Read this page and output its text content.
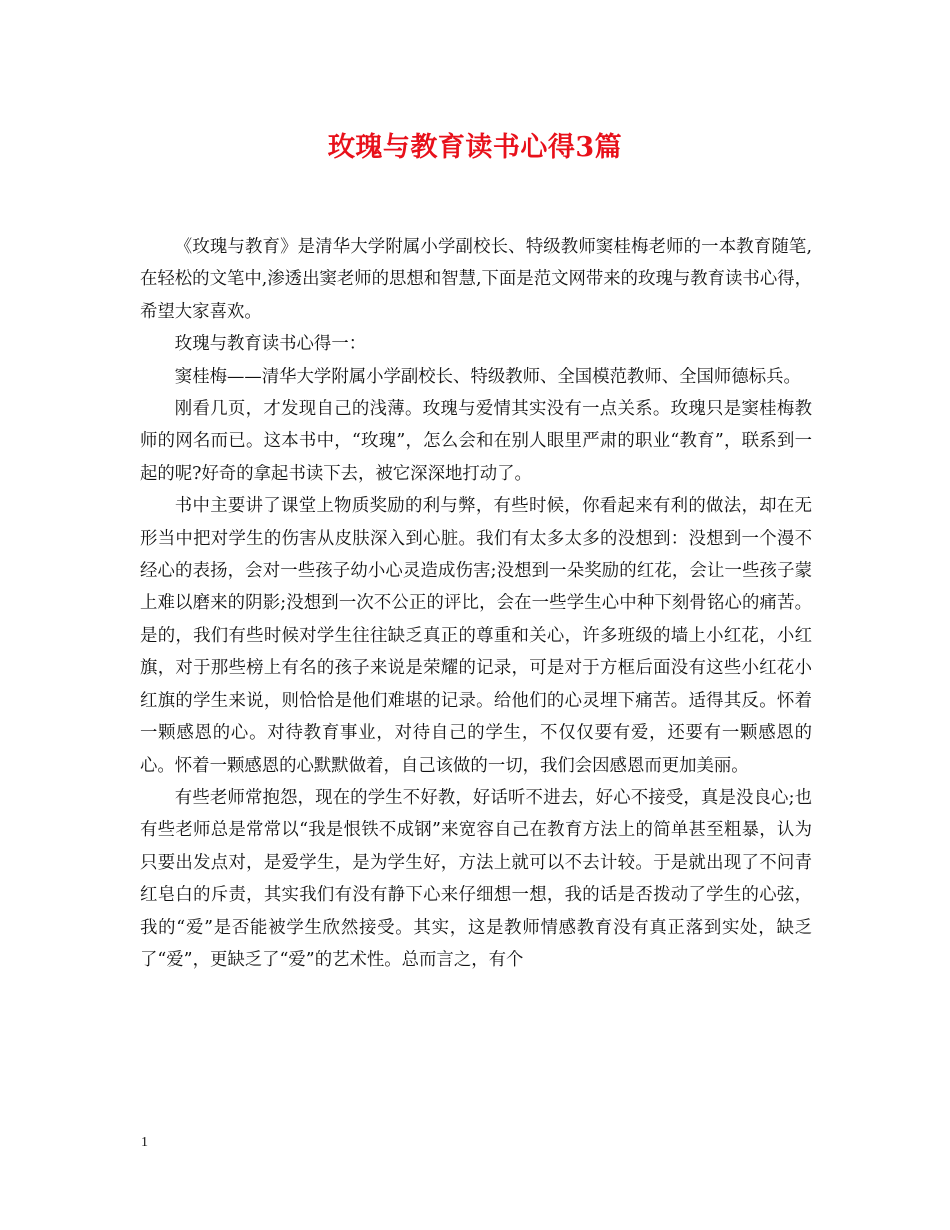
玫瑰与教育读书心得3篇

《玫瑰与教育》是清华大学附属小学副校长、特级教师窦桂梅老师的一本教育随笔,在轻松的文笔中,渗透出窦老师的思想和智慧,下面是范文网带来的玫瑰与教育读书心得，希望大家喜欢。

玫瑰与教育读书心得一：

窦桂梅——清华大学附属小学副校长、特级教师、全国模范教师、全国师德标兵。

刚看几页，才发现自己的浅薄。玫瑰与爱情其实没有一点关系。玫瑰只是窦桂梅教师的网名而已。这本书中，“玫瑰”，怎么会和在别人眼里严肃的职业“教育”，联系到一起的呢?好奇的拿起书读下去，被它深深地打动了。

书中主要讲了课堂上物质奖励的利与弊，有些时候，你看起来有利的做法，却在无形当中把对学生的伤害从皮肤深入到心脏。我们有太多太多的没想到：没想到一个漫不经心的表扬，会对一些孩子幼小心灵造成伤害;没想到一朵奖励的红花，会让一些孩子蒙上难以磨来的阴影;没想到一次不公正的评比，会在一些学生心中种下刻骨铭心的痛苦。是的，我们有些时候对学生往往缺乏真正的尊重和关心，许多班级的墙上小红花，小红旗，对于那些榜上有名的孩子来说是荣耀的记录，可是对于方框后面没有这些小红花小红旗的学生来说，则恰恰是他们难堪的记录。给他们的心灵埋下痛苦。适得其反。怀着一颗感恩的心。对待教育事业，对待自己的学生，不仅仅要有爱，还要有一颗感恩的心。怀着一颗感恩的心默默做着，自己该做的一切，我们会因感恩而更加美丽。

有些老师常抱怨，现在的学生不好教，好话听不进去，好心不接受，真是没良心;也有些老师总是常常以“我是恨铁不成钢”来宽容自己在教育方法上的简单甚至粗暴，认为只要出发点对，是爱学生，是为学生好，方法上就可以不去计较。于是就出现了不问青红皂白的斥责，其实我们有没有静下心来仔细想一想，我的话是否拨动了学生的心弦，我的“爱”是否能被学生欣然接受。其实，这是教师情感教育没有真正落到实处，缺乏了“爱”，更缺乏了“爱”的艺术性。总而言之，有个

1
